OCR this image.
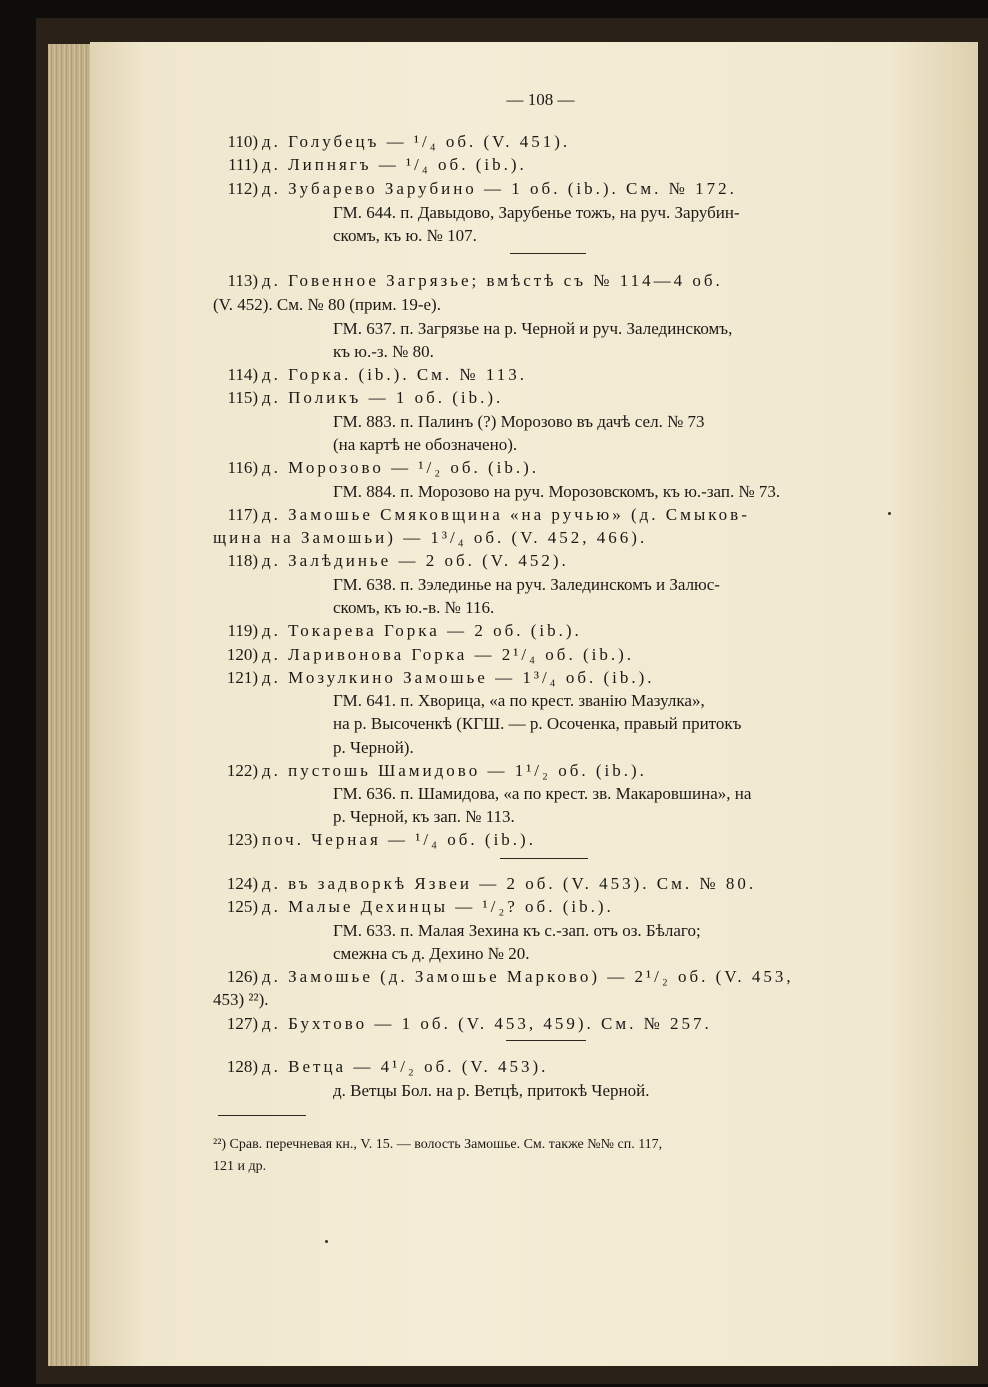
— 108 —
110) д. Голубецъ — ¹/₄ об. (V. 451).
111) д. Липнягъ — ¹/₄ об. (ib.).
112) д. Зубарево Зарубино — 1 об. (ib.). См. № 172.
ГМ. 644. п. Давыдово, Зарубенье тожъ, на руч. Зарубин-
скомъ, къ ю. № 107.
113) д. Говенное Загрязье; вмѣстѣ съ № 114—4 об.
(V. 452). См. № 80 (прим. 19-е).
ГМ. 637. п. Загрязье на р. Черной и руч. Залединскомъ,
къ ю.-з. № 80.
114) д. Горка. (ib.). См. № 113.
115) д. Поликъ — 1 об. (ib.).
ГМ. 883. п. Палинъ (?) Морозово въ дачѣ сел. № 73
(на картѣ не обозначено).
116) д. Морозово — ¹/₂ об. (ib.).
ГМ. 884. п. Морозово на руч. Морозовскомъ, къ ю.-зап. № 73.
117) д. Замошье Смяковщина «на ручью» (д. Смыков-
щина на Замошьи) — 1³/₄ об. (V. 452, 466).
118) д. Залѣдинье — 2 об. (V. 452).
ГМ. 638. п. Зэлединье на руч. Залединскомъ и Залюс-
скомъ, къ ю.-в. № 116.
119) д. Токарева Горка — 2 об. (ib.).
120) д. Ларивонова Горка — 2¹/₄ об. (ib.).
121) д. Мозулкино Замошье — 1³/₄ об. (ib.).
ГМ. 641. п. Хворица, «а по крест. званію Мазулка»,
на р. Высоченкѣ (КГШ. — р. Осоченка, правый притокъ
р. Черной).
122) д. пустошь Шамидово — 1¹/₂ об. (ib.).
ГМ. 636. п. Шамидова, «а по крест. зв. Макаровшина», на
р. Черной, къ зап. № 113.
123) поч. Черная — ¹/₄ об. (ib.).
124) д. въ задворкѣ Язвеи — 2 об. (V. 453). См. № 80.
125) д. Малые Дехинцы — ¹/₂? об. (ib.).
ГМ. 633. п. Малая Зехина къ с.-зап. отъ оз. Бѣлаго;
смежна съ д. Дехино № 20.
126) д. Замошье (д. Замошье Марково) — 2¹/₂ об. (V. 453,
453) ²²).
127) д. Бухтово — 1 об. (V. 453, 459). См. № 257.
128) д. Ветца — 4¹/₂ об. (V. 453).
д. Ветцы Бол. на р. Ветцѣ, притокѣ Черной.
²²) Срав. перечневая кн., V. 15. — волость Замошье. См. также №№ сп. 117,
121 и др.
